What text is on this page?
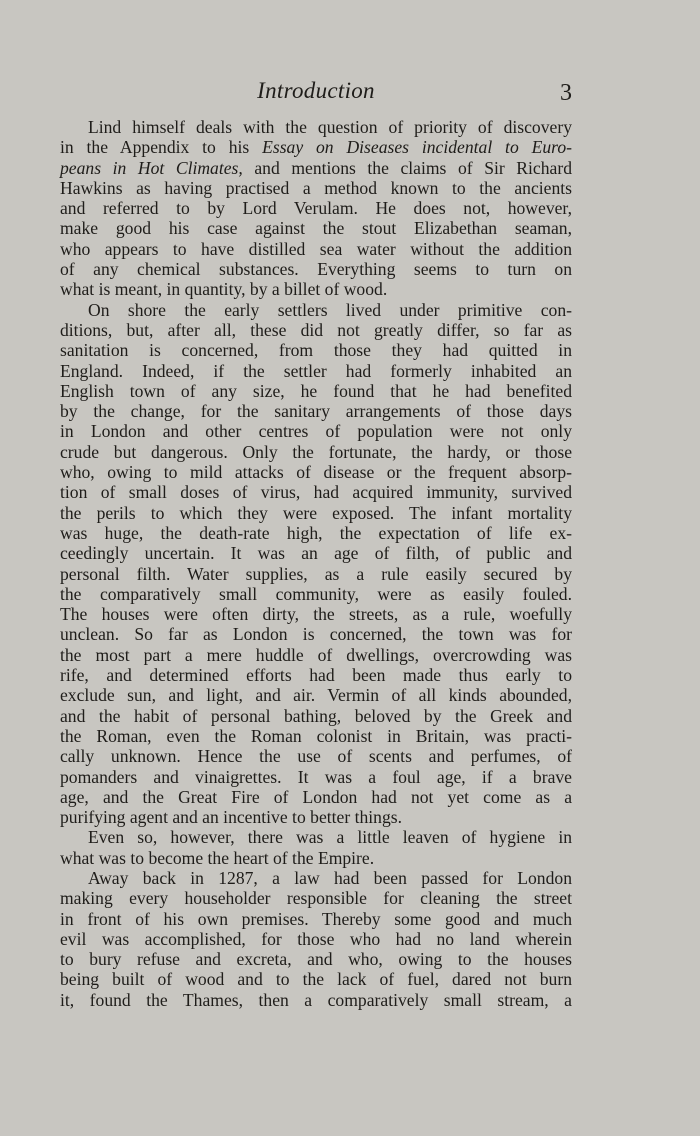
Introduction	3
Lind himself deals with the question of priority of discovery
in the Appendix to his Essay on Diseases incidental to Euro-
peans in Hot Climates, and mentions the claims of Sir Richard
Hawkins as having practised a method known to the ancients
and referred to by Lord Verulam. He does not, however,
make good his case against the stout Elizabethan seaman,
who appears to have distilled sea water without the addition
of any chemical substances. Everything seems to turn on
what is meant, in quantity, by a billet of wood.
On shore the early settlers lived under primitive con-
ditions, but, after all, these did not greatly differ, so far as
sanitation is concerned, from those they had quitted in
England. Indeed, if the settler had formerly inhabited an
English town of any size, he found that he had benefited
by the change, for the sanitary arrangements of those days
in London and other centres of population were not only
crude but dangerous. Only the fortunate, the hardy, or those
who, owing to mild attacks of disease or the frequent absorp-
tion of small doses of virus, had acquired immunity, survived
the perils to which they were exposed. The infant mortality
was huge, the death-rate high, the expectation of life ex-
ceedingly uncertain. It was an age of filth, of public and
personal filth. Water supplies, as a rule easily secured by
the comparatively small community, were as easily fouled.
The houses were often dirty, the streets, as a rule, woefully
unclean. So far as London is concerned, the town was for
the most part a mere huddle of dwellings, overcrowding was
rife, and determined efforts had been made thus early to
exclude sun, and light, and air. Vermin of all kinds abounded,
and the habit of personal bathing, beloved by the Greek and
the Roman, even the Roman colonist in Britain, was practi-
cally unknown. Hence the use of scents and perfumes, of
pomanders and vinaigrettes. It was a foul age, if a brave
age, and the Great Fire of London had not yet come as a
purifying agent and an incentive to better things.
Even so, however, there was a little leaven of hygiene in
what was to become the heart of the Empire.
Away back in 1287, a law had been passed for London
making every householder responsible for cleaning the street
in front of his own premises. Thereby some good and much
evil was accomplished, for those who had no land wherein
to bury refuse and excreta, and who, owing to the houses
being built of wood and to the lack of fuel, dared not burn
it, found the Thames, then a comparatively small stream, a
